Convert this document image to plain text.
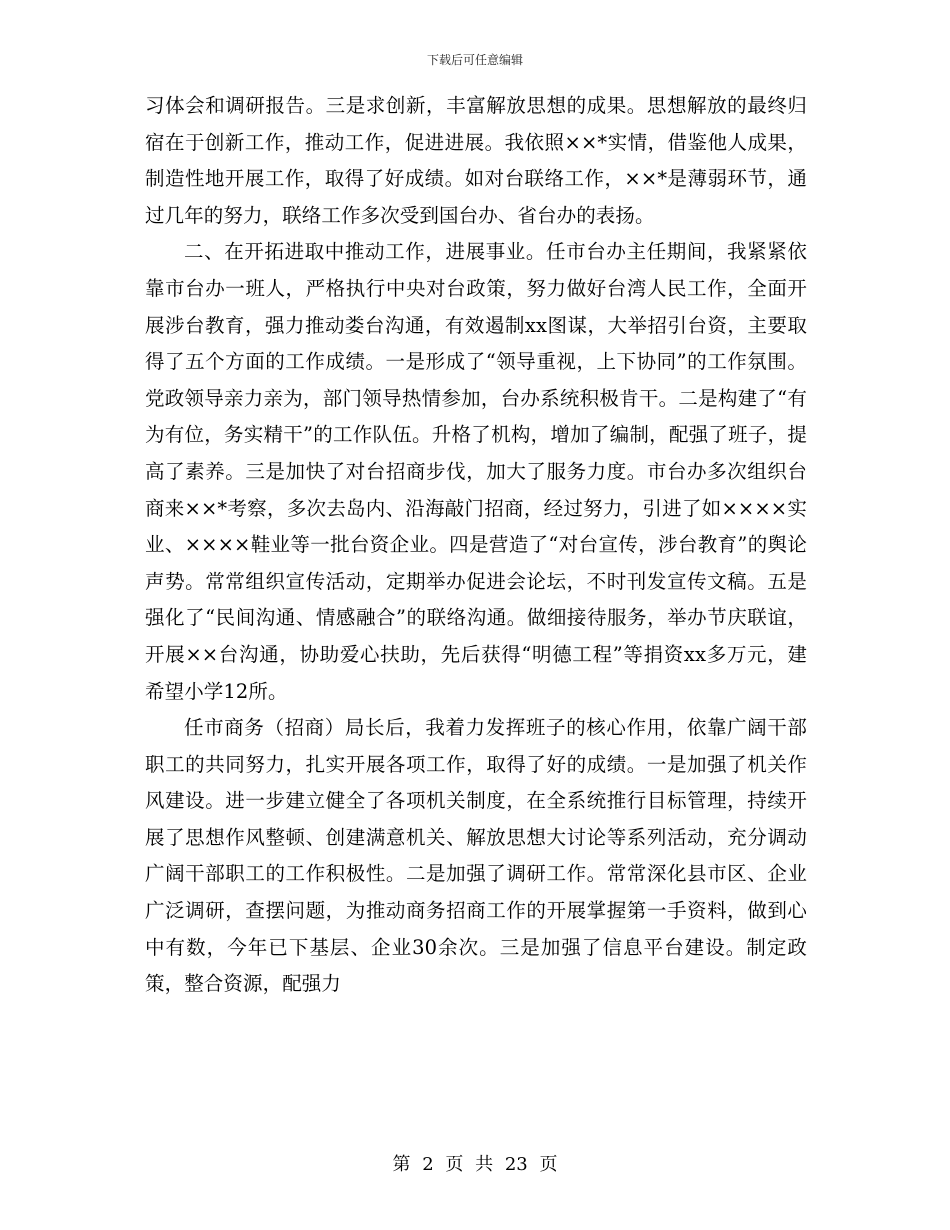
下载后可任意编辑

习体会和调研报告。三是求创新，丰富解放思想的成果。思想解放的最终归宿在于创新工作，推动工作，促进进展。我依照××*实情，借鉴他人成果，制造性地开展工作，取得了好成绩。如对台联络工作，××*是薄弱环节，通过几年的努力，联络工作多次受到国台办、省台办的表扬。

二、在开拓进取中推动工作，进展事业。任市台办主任期间，我紧紧依靠市台办一班人，严格执行中央对台政策，努力做好台湾人民工作，全面开展涉台教育，强力推动娄台沟通，有效遏制xx图谋，大举招引台资，主要取得了五个方面的工作成绩。一是形成了“领导重视，上下协同”的工作氛围。党政领导亲力亲为，部门领导热情参加，台办系统积极肯干。二是构建了“有为有位，务实精干”的工作队伍。升格了机构，增加了编制，配强了班子，提高了素养。三是加快了对台招商步伐，加大了服务力度。市台办多次组织台商来××*考察，多次去岛内、沿海敲门招商，经过努力，引进了如××××实业、××××鞋业等一批台资企业。四是营造了“对台宣传，涉台教育”的舆论声势。常常组织宣传活动，定期举办促进会论坛，不时刊发宣传文稿。五是强化了“民间沟通、情感融合”的联络沟通。做细接待服务，举办节庆联谊，开展××台沟通，协助爱心扶助，先后获得“明德工程”等捐资xx多万元，建希望小学12所。

任市商务（招商）局长后，我着力发挥班子的核心作用，依靠广阔干部职工的共同努力，扎实开展各项工作，取得了好的成绩。一是加强了机关作风建设。进一步建立健全了各项机关制度，在全系统推行目标管理，持续开展了思想作风整顿、创建满意机关、解放思想大讨论等系列活动，充分调动广阔干部职工的工作积极性。二是加强了调研工作。常常深化县市区、企业广泛调研，查摆问题，为推动商务招商工作的开展掌握第一手资料，做到心中有数，今年已下基层、企业30余次。三是加强了信息平台建设。制定政策，整合资源，配强力

第 2 页 共 23 页
